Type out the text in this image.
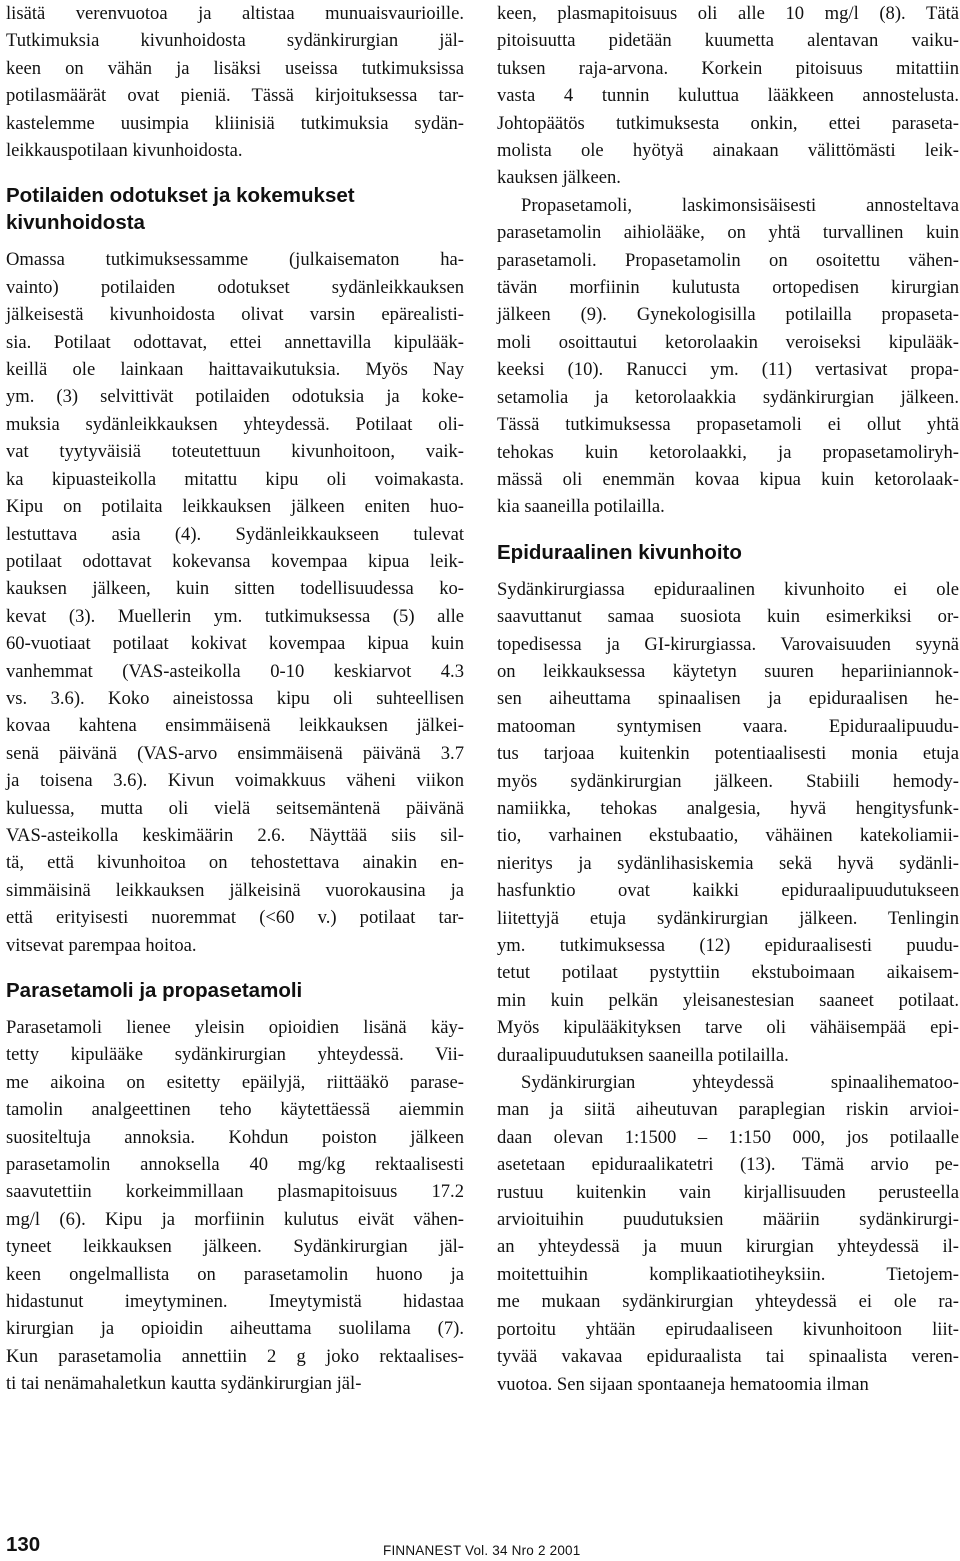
lisätä verenvuotoa ja altistaa munuaisvaurioille.
Tutkimuksia kivunhoidosta sydänkirurgian jäl-
keen on vähän ja lisäksi useissa tutkimuksissa
potilasmäärät ovat pieniä. Tässä kirjoituksessa tar-
kastelemme uusimpia kliinisiä tutkimuksia sydän-
leikkauspotilaan kivunhoidosta.
Potilaiden odotukset ja kokemukset
kivunhoidosta
Omassa tutkimuksessamme (julkaisematon ha-
vainto) potilaiden odotukset sydänleikkauksen
jälkeisestä kivunhoidosta olivat varsin epärealisti-
sia. Potilaat odottavat, ettei annettavilla kipulääk-
keillä ole lainkaan haittavaikutuksia. Myös Nay
ym. (3) selvittivät potilaiden odotuksia ja koke-
muksia sydänleikkauksen yhteydessä. Potilaat oli-
vat tyytyväisiä toteutettuun kivunhoitoon, vaik-
ka kipuasteikolla mitattu kipu oli voimakasta.
Kipu on potilaita leikkauksen jälkeen eniten huo-
lestuttava asia (4). Sydänleikkaukseen tulevat
potilaat odottavat kokevansa kovempaa kipua leik-
kauksen jälkeen, kuin sitten todellisuudessa ko-
kevat (3). Muellerin ym. tutkimuksessa (5) alle
60-vuotiaat potilaat kokivat kovempaa kipua kuin
vanhemmat (VAS-asteikolla 0-10 keskiarvot 4.3
vs. 3.6). Koko aineistossa kipu oli suhteellisen
kovaa kahtena ensimmäisenä leikkauksen jälkei-
senä päivänä (VAS-arvo ensimmäisenä päivänä 3.7
ja toisena 3.6). Kivun voimakkuus väheni viikon
kuluessa, mutta oli vielä seitsemäntenä päivänä
VAS-asteikolla keskimäärin 2.6. Näyttää siis sil-
tä, että kivunhoitoa on tehostettava ainakin en-
simmäisinä leikkauksen jälkeisinä vuorokausina ja
että erityisesti nuoremmat (<60 v.) potilaat tar-
vitsevat parempaa hoitoa.
Parasetamoli ja propasetamoli
Parasetamoli lienee yleisin opioidien lisänä käy-
tetty kipulääke sydänkirurgian yhteydessä. Vii-
me aikoina on esitetty epäilyjä, riittääkö parase-
tamolin analgeettinen teho käytettäessä aiemmin
suositeltuja annoksia. Kohdun poiston jälkeen
parasetamolin annoksella 40 mg/kg rektaalisesti
saavutettiin korkeimmillaan plasmapitoisuus 17.2
mg/l (6). Kipu ja morfiinin kulutus eivät vähen-
tyneet leikkauksen jälkeen. Sydänkirurgian jäl-
keen ongelmallista on parasetamolin huono ja
hidastunut imeytyminen. Imeytymistä hidastaa
kirurgian ja opioidin aiheuttama suolilama (7).
Kun parasetamolia annettiin 2 g joko rektaalises-
ti tai nenämahaletkun kautta sydänkirurgian jäl-
keen, plasmapitoisuus oli alle 10 mg/l (8). Tätä
pitoisuutta pidetään kuumetta alentavan vaiku-
tuksen raja-arvona. Korkein pitoisuus mitattiin
vasta 4 tunnin kuluttua lääkkeen annostelusta.
Johtopäätös tutkimuksesta onkin, ettei paraseta-
molista ole hyötyä ainakaan välittömästi leik-
kauksen jälkeen.
Propasetamoli, laskimonsisäisesti annosteltava
parasetamolin aihiolääke, on yhtä turvallinen kuin
parasetamoli. Propasetamolin on osoitettu vähen-
tävän morfiinin kulutusta ortopedisen kirurgian
jälkeen (9). Gynekologisilla potilailla propaseta-
moli osoittautui ketorolaakin veroiseksi kipulääk-
keeksi (10). Ranucci ym. (11) vertasivat propa-
setamolia ja ketorolaakkia sydänkirurgian jälkeen.
Tässä tutkimuksessa propasetamoli ei ollut yhtä
tehokas kuin ketorolaakki, ja propasetamoliryh-
mässä oli enemmän kovaa kipua kuin ketorolaak-
kia saaneilla potilailla.
Epiduraalinen kivunhoito
Sydänkirurgiassa epiduraalinen kivunhoito ei ole
saavuttanut samaa suosiota kuin esimerkiksi or-
topedisessa ja GI-kirurgiassa. Varovaisuuden syynä
on leikkauksessa käytetyn suuren hepariiniannok-
sen aiheuttama spinaalisen ja epiduraalisen he-
matooman syntymisen vaara. Epiduraalipuudu-
tus tarjoaa kuitenkin potentiaalisesti monia etuja
myös sydänkirurgian jälkeen. Stabiili hemody-
namiikka, tehokas analgesia, hyvä hengitysfunk-
tio, varhainen ekstubaatio, vähäinen katekoliamii-
nieritys ja sydänlihasiskemia sekä hyvä sydänli-
hasfunktio ovat kaikki epiduraalipuudutukseen
liitettyjä etuja sydänkirurgian jälkeen. Tenlingin
ym. tutkimuksessa (12) epiduraalisesti puudu-
tetut potilaat pystyttiin ekstuboimaan aikaisem-
min kuin pelkän yleisanestesian saaneet potilaat.
Myös kipulääkityksen tarve oli vähäisempää epi-
duraalipuudutuksen saaneilla potilailla.
Sydänkirurgian yhteydessä spinaalihematoo-
man ja siitä aiheutuvan paraplegian riskin arvioi-
daan olevan 1:1500 – 1:150 000, jos potilaalle
asetetaan epiduraalikatetri (13). Tämä arvio pe-
rustuu kuitenkin vain kirjallisuuden perusteella
arvioituihin puudutuksien määriin sydänkirurgi-
an yhteydessä ja muun kirurgian yhteydessä il-
moitettuihin komplikaatiotiheyksiin. Tietojem-
me mukaan sydänkirurgian yhteydessä ei ole ra-
portoitu yhtään epirudaaliseen kivunhoitoon liit-
tyvää vakavaa epiduraalista tai spinaalista veren-
vuotoa. Sen sijaan spontaaneja hematoomia ilman
130	FINNANEST Vol. 34 Nro 2 2001
